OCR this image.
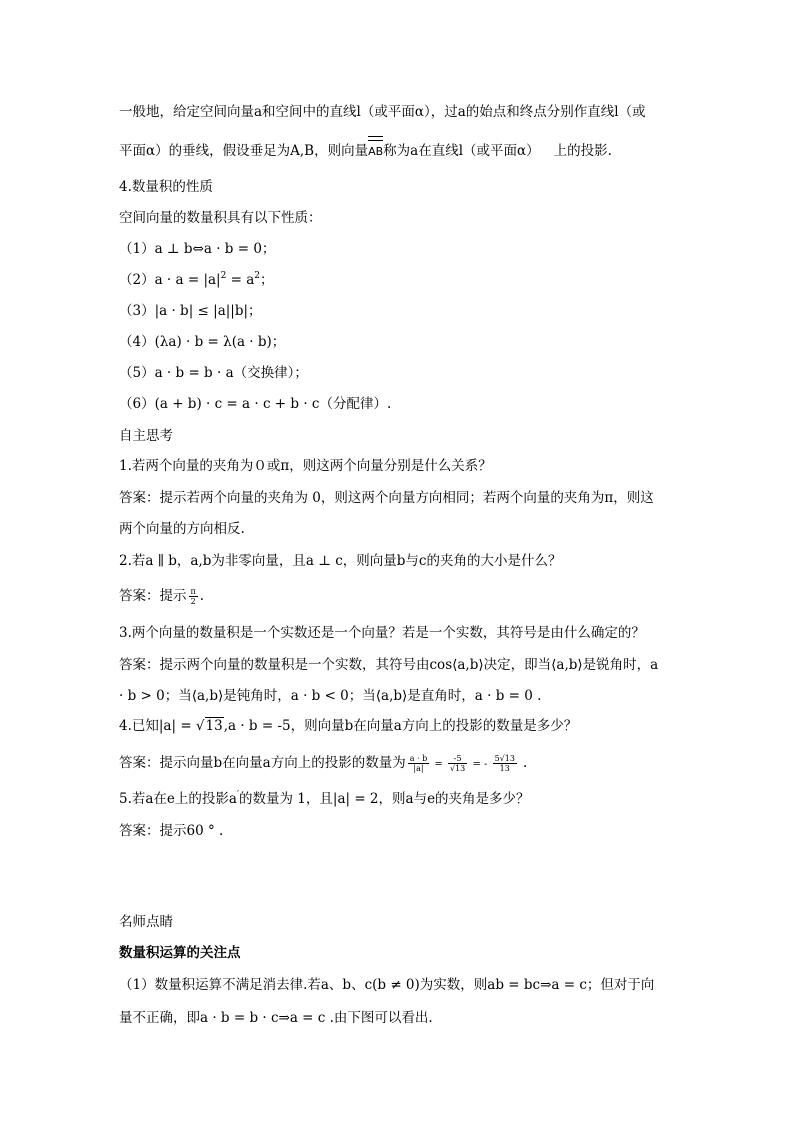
一般地，给定空间向量a和空间中的直线l（或平面α），过a的始点和终点分别作直线l（或
平面α）的垂线，假设垂足为A,B，则向量AB称为a在直线l（或平面α） 上的投影.
4.数量积的性质
空间向量的数量积具有以下性质：
（1）a ⊥ b⇔a · b = 0；
$(2)a \cdot a = |a|^2 = a^2$；
（3）|a · b| ≤ |a||b|；
（4）(λa) · b = λ(a · b)；
（5）a · b = b · a（交换律）；
（6）(a + b) · c = a · c + b · c（分配律）.
自主思考
1.若两个向量的夹角为０或π，则这两个向量分别是什么关系？
答案：提示若两个向量的夹角为 0，则这两个向量方向相同；若两个向量的夹角为π，则这
两个向量的方向相反.
2.若a ∥ b，a,b为非零向量，且a ⊥ c，则向量b与c的夹角的大小是什么？
答案：提示 $\frac{\pi}{2}$ .
3.两个向量的数量积是一个实数还是一个向量？若是一个实数，其符号是由什么确定的？
答案：提示两个向量的数量积是一个实数，其符号由cos⟨a,b⟩决定，即当⟨a,b⟩是锐角时，a
· b > 0；当⟨a,b⟩是钝角时，a · b < 0；当⟨a,b⟩是直角时，a · b = 0 .
4.已知|a| = √13,a · b = -5，则向量b在向量a方向上的投影的数量是多少？
答案：提示向量b在向量a方向上的投影的数量为 $\frac{a \cdot b}{|a|} = \frac{-5}{√13}$ = - $\frac{5√13}{13}$ .
5.若a在e上的投影a′的数量为 1，且|a| = 2，则a与e的夹角是多少？
答案：提示60 ° .
名师点睛
数量积运算的关注点
（1）数量积运算不满足消去律.若a、b、c(b ≠ 0)为实数，则ab = bc⇒a = c；但对于向
量不正确，即a · b = b · c⇒a = c .由下图可以看出.
